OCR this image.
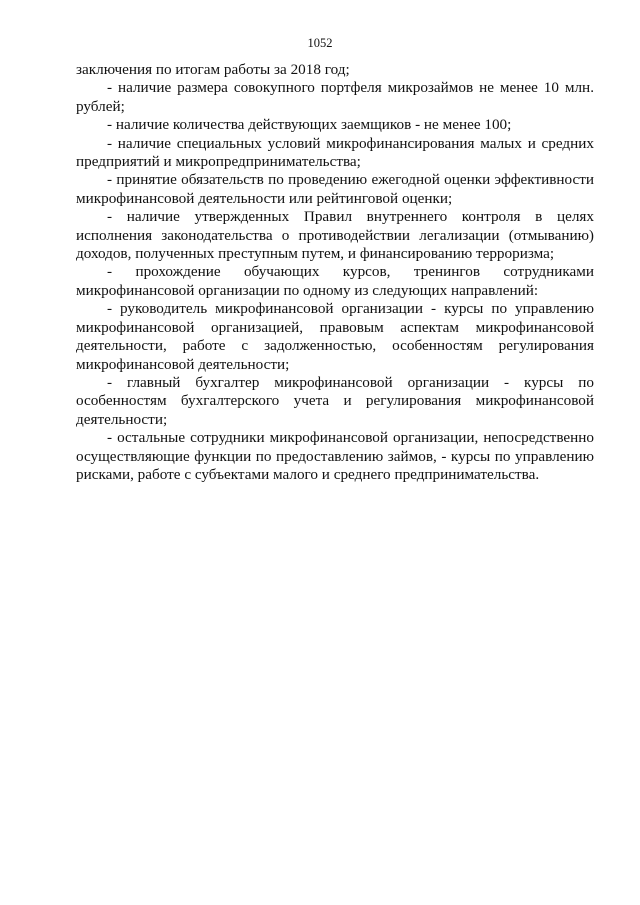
1052

заключения по итогам работы за 2018 год;

- наличие размера совокупного портфеля микрозаймов не менее 10 млн. рублей;

- наличие количества действующих заемщиков - не менее 100;

- наличие специальных условий микрофинансирования малых и средних предприятий и микропредпринимательства;

- принятие обязательств по проведению ежегодной оценки эффективности микрофинансовой деятельности или рейтинговой оценки;

- наличие утвержденных Правил внутреннего контроля в целях исполнения законодательства о противодействии легализации (отмыванию) доходов, полученных преступным путем, и финансированию терроризма;

- прохождение обучающих курсов, тренингов сотрудниками микрофинансовой организации по одному из следующих направлений:

- руководитель микрофинансовой организации - курсы по управлению микрофинансовой организацией, правовым аспектам микрофинансовой деятельности, работе с задолженностью, особенностям регулирования микрофинансовой деятельности;

- главный бухгалтер микрофинансовой организации - курсы по особенностям бухгалтерского учета и регулирования микрофинансовой деятельности;

- остальные сотрудники микрофинансовой организации, непосредственно осуществляющие функции по предоставлению займов, - курсы по управлению рисками, работе с субъектами малого и среднего предпринимательства.
